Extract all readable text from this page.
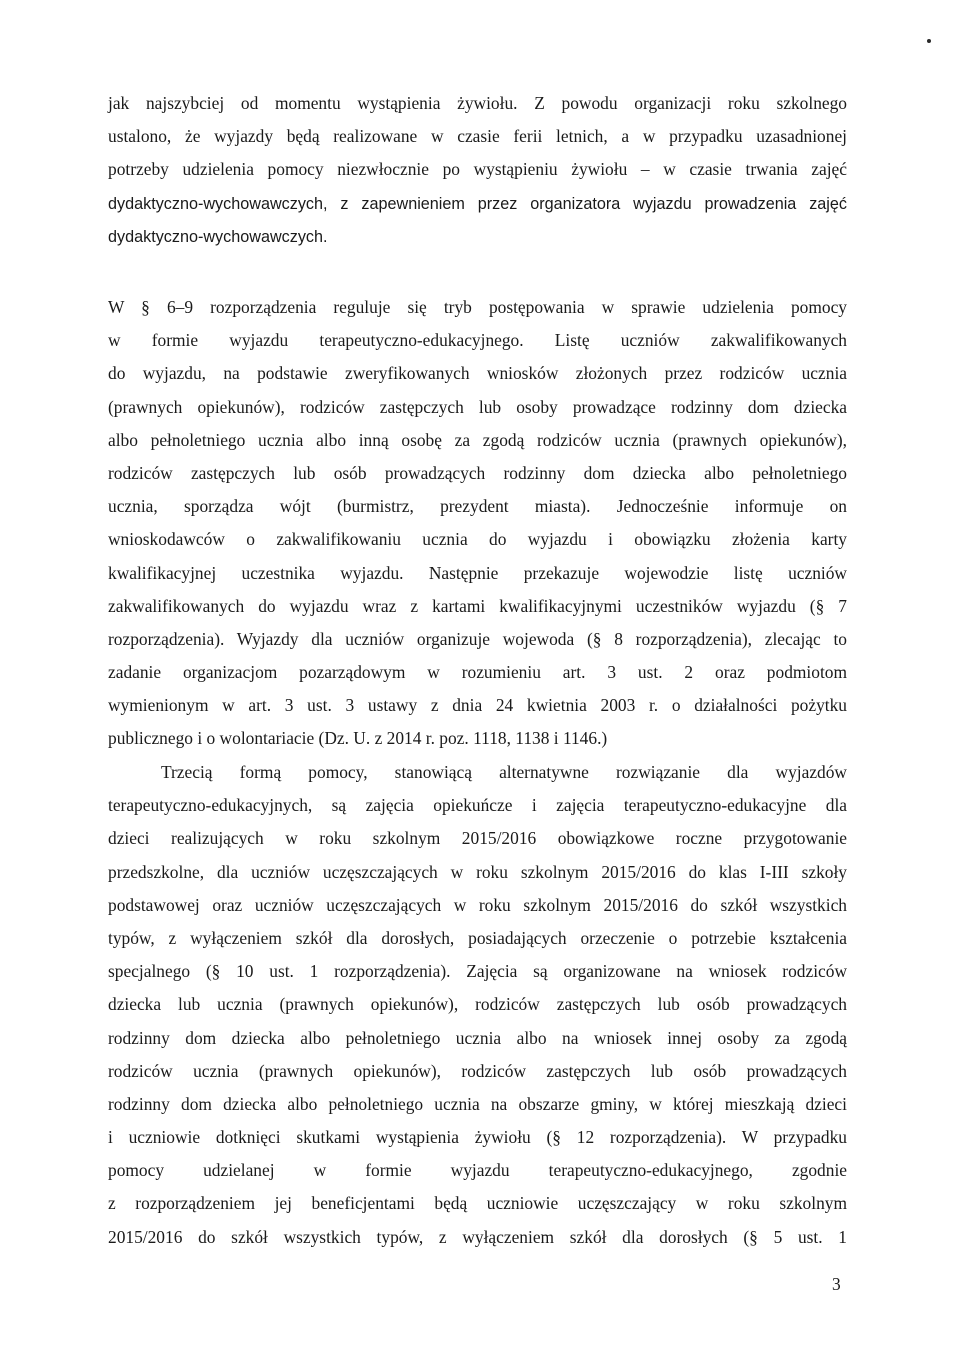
jak najszybciej od momentu wystąpienia żywiołu. Z powodu organizacji roku szkolnego
ustalono, że wyjazdy będą realizowane w czasie ferii letnich, a w przypadku uzasadnionej
potrzeby udzielenia pomocy niezwłocznie po wystąpieniu żywiołu – w czasie trwania zajęć
dydaktyczno-wychowawczych, z zapewnieniem przez organizatora wyjazdu prowadzenia zajęć
dydaktyczno-wychowawczych.
W § 6–9 rozporządzenia reguluje się tryb postępowania w sprawie udzielenia pomocy
w formie wyjazdu terapeutyczno-edukacyjnego. Listę uczniów zakwalifikowanych
do wyjazdu, na podstawie zweryfikowanych wniosków złożonych przez rodziców ucznia
(prawnych opiekunów), rodziców zastępczych lub osoby prowadzące rodzinny dom dziecka
albo pełnoletniego ucznia albo inną osobę za zgodą rodziców ucznia (prawnych opiekunów),
rodziców zastępczych lub osób prowadzących rodzinny dom dziecka albo pełnoletniego
ucznia, sporządza wójt (burmistrz, prezydent miasta). Jednocześnie informuje on
wnioskodawców o zakwalifikowaniu ucznia do wyjazdu i obowiązku złożenia karty
kwalifikacyjnej uczestnika wyjazdu. Następnie przekazuje wojewodzie listę uczniów
zakwalifikowanych do wyjazdu wraz z kartami kwalifikacyjnymi uczestników wyjazdu (§ 7
rozporządzenia). Wyjazdy dla uczniów organizuje wojewoda (§ 8 rozporządzenia), zlecając to
zadanie organizacjom pozarządowym w rozumieniu art. 3 ust. 2 oraz podmiotom
wymienionym w art. 3 ust. 3 ustawy z dnia 24 kwietnia 2003 r. o działalności pożytku
publicznego i o wolontariacie (Dz. U. z 2014 r. poz. 1118, 1138 i 1146.)
Trzecią formą pomocy, stanowiącą alternatywne rozwiązanie dla wyjazdów
terapeutyczno-edukacyjnych, są zajęcia opiekuńcze i zajęcia terapeutyczno-edukacyjne dla
dzieci realizujących w roku szkolnym 2015/2016 obowiązkowe roczne przygotowanie
przedszkolne, dla uczniów uczęszczających w roku szkolnym 2015/2016 do klas I-III szkoły
podstawowej oraz uczniów uczęszczających w roku szkolnym 2015/2016 do szkół wszystkich
typów, z wyłączeniem szkół dla dorosłych, posiadających orzeczenie o potrzebie kształcenia
specjalnego (§ 10 ust. 1 rozporządzenia). Zajęcia są organizowane na wniosek rodziców
dziecka lub ucznia (prawnych opiekunów), rodziców zastępczych lub osób prowadzących
rodzinny dom dziecka albo pełnoletniego ucznia albo na wniosek innej osoby za zgodą
rodziców ucznia (prawnych opiekunów), rodziców zastępczych lub osób prowadzących
rodzinny dom dziecka albo pełnoletniego ucznia na obszarze gminy, w której mieszkają dzieci
i uczniowie dotknięci skutkami wystąpienia żywiołu (§ 12 rozporządzenia). W przypadku
pomocy udzielanej w formie wyjazdu terapeutyczno-edukacyjnego, zgodnie
z rozporządzeniem jej beneficjentami będą uczniowie uczęszczający w roku szkolnym
2015/2016 do szkół wszystkich typów, z wyłączeniem szkół dla dorosłych (§ 5 ust. 1
3
